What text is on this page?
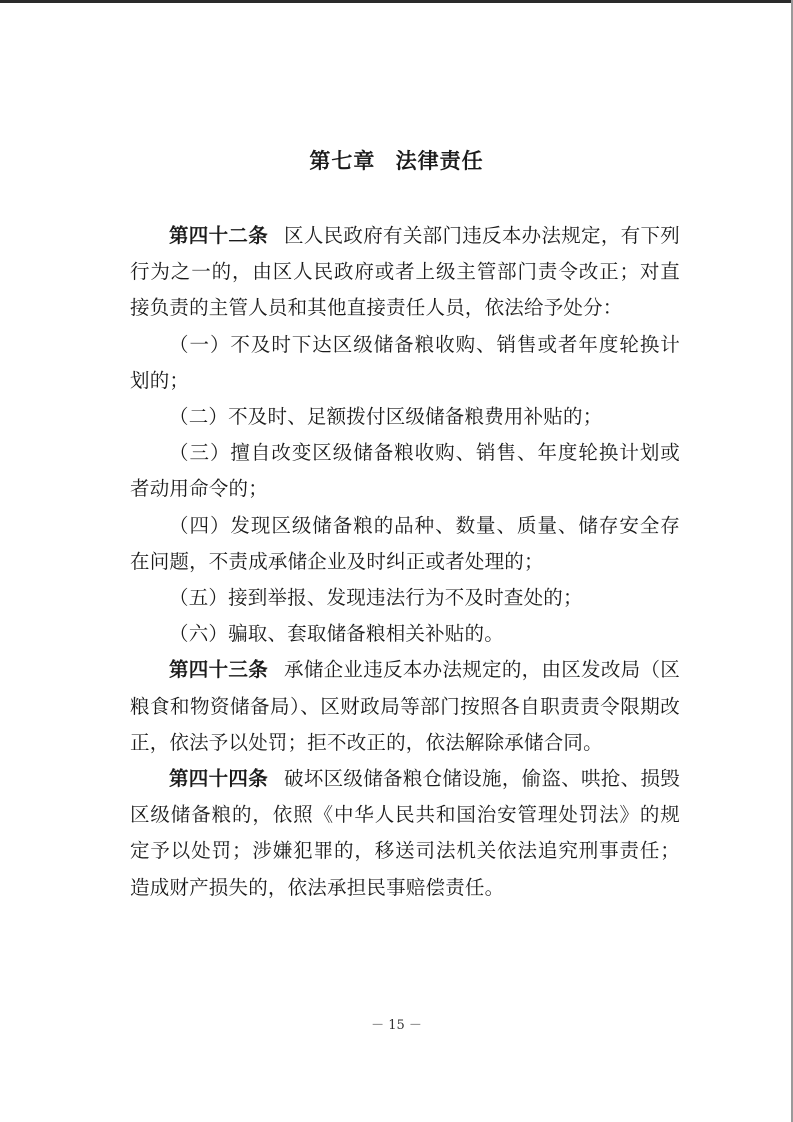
第七章 法律责任

第四十二条 区人民政府有关部门违反本办法规定，有下列行为之一的，由区人民政府或者上级主管部门责令改正；对直接负责的主管人员和其他直接责任人员，依法给予处分：

（一）不及时下达区级储备粮收购、销售或者年度轮换计划的；

（二）不及时、足额拨付区级储备粮费用补贴的；

（三）擅自改变区级储备粮收购、销售、年度轮换计划或者动用命令的；

（四）发现区级储备粮的品种、数量、质量、储存安全存在问题，不责成承储企业及时纠正或者处理的；

（五）接到举报、发现违法行为不及时查处的；

（六）骗取、套取储备粮相关补贴的。

第四十三条 承储企业违反本办法规定的，由区发改局（区粮食和物资储备局）、区财政局等部门按照各自职责责令限期改正，依法予以处罚；拒不改正的，依法解除承储合同。

第四十四条 破坏区级储备粮仓储设施，偷盗、哄抢、损毁区级储备粮的，依照《中华人民共和国治安管理处罚法》的规定予以处罚；涉嫌犯罪的，移送司法机关依法追究刑事责任；造成财产损失的，依法承担民事赔偿责任。

－ 15 －
